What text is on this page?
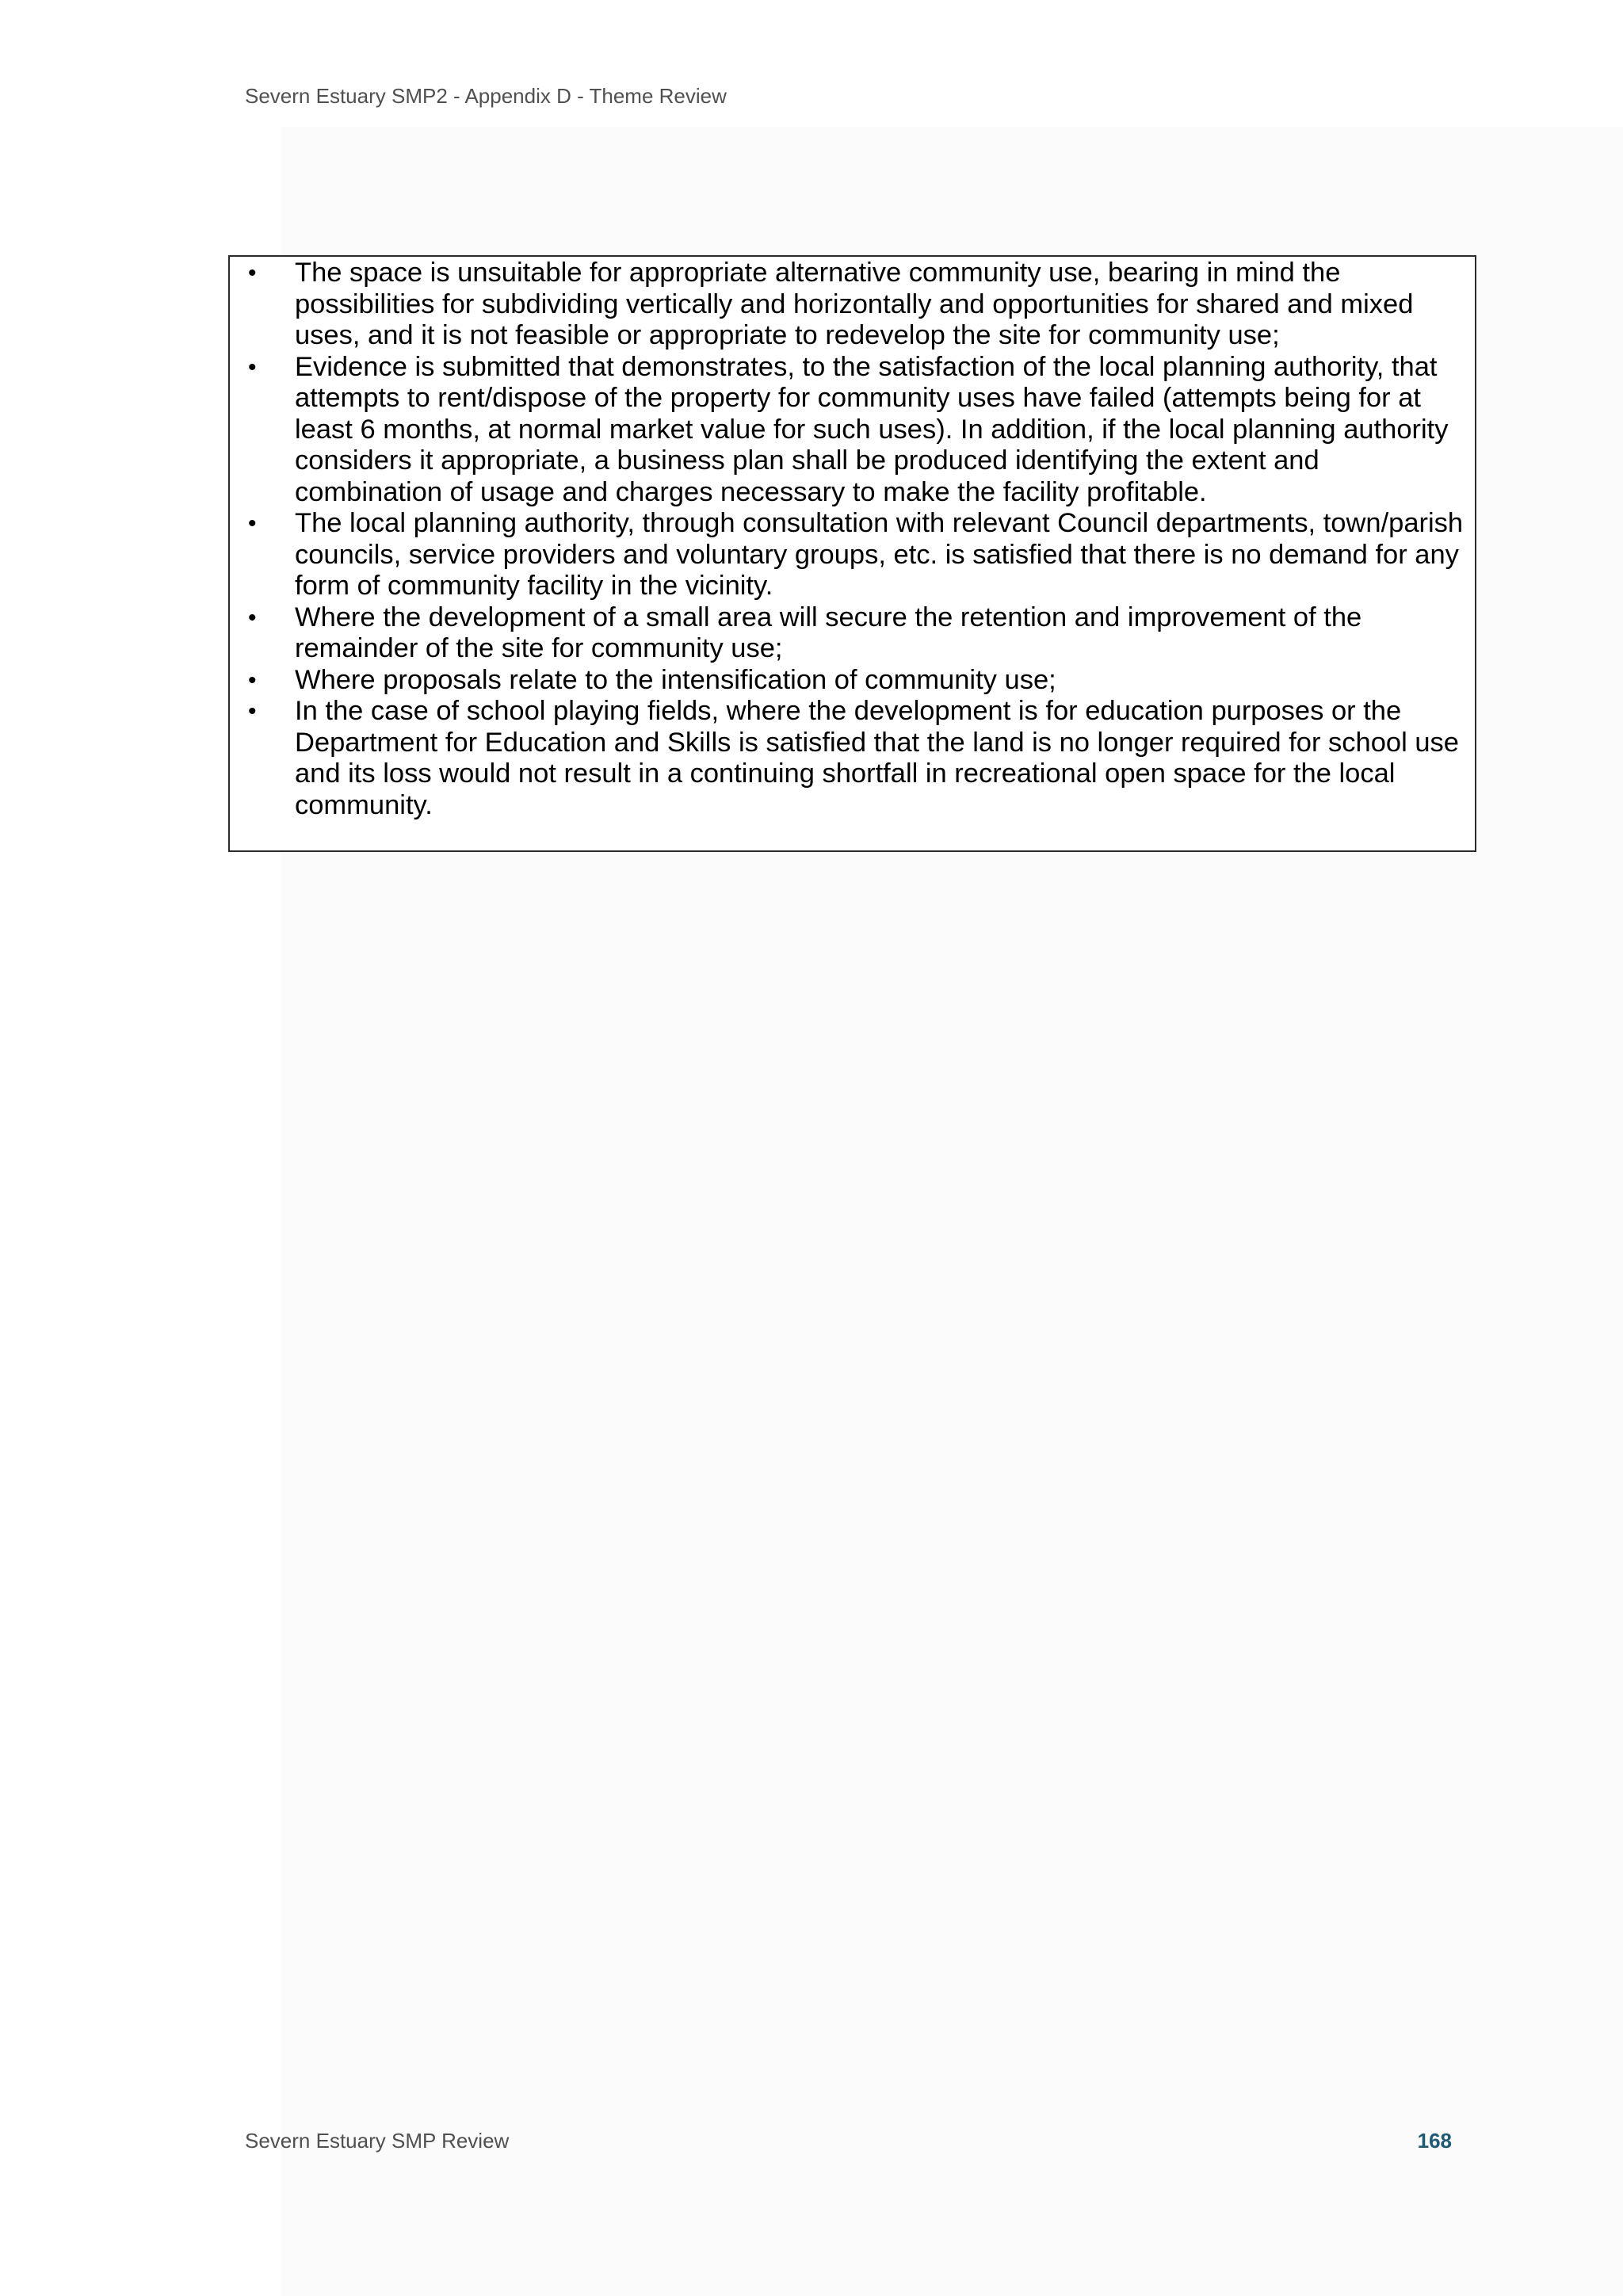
Severn Estuary SMP2 - Appendix D - Theme Review
• The space is unsuitable for appropriate alternative community use, bearing in mind the possibilities for subdividing vertically and horizontally and opportunities for shared and mixed uses, and it is not feasible or appropriate to redevelop the site for community use;
• Evidence is submitted that demonstrates, to the satisfaction of the local planning authority, that attempts to rent/dispose of the property for community uses have failed (attempts being for at least 6 months, at normal market value for such uses). In addition, if the local planning authority considers it appropriate, a business plan shall be produced identifying the extent and combination of usage and charges necessary to make the facility profitable.
• The local planning authority, through consultation with relevant Council departments, town/parish councils, service providers and voluntary groups, etc. is satisfied that there is no demand for any form of community facility in the vicinity.
• Where the development of a small area will secure the retention and improvement of the remainder of the site for community use;
• Where proposals relate to the intensification of community use;
• In the case of school playing fields, where the development is for education purposes or the Department for Education and Skills is satisfied that the land is no longer required for school use and its loss would not result in a continuing shortfall in recreational open space for the local community.
Severn Estuary SMP Review	168
